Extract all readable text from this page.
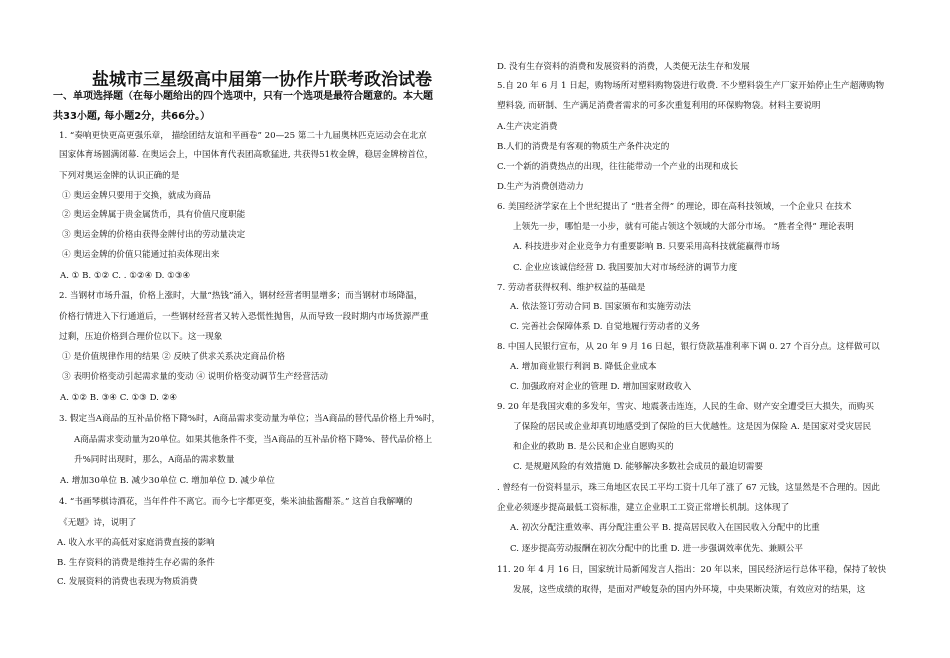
盐城市三星级高中届第一协作片联考政治试卷
一、单项选择题（在每小题给出的四个选项中，只有一个选项是最符合题意的。本大题
共33小题, 每小题2分，共66分。）
1. “奏响更快更高更强乐章， 描绘团结友谊和平画卷” 20—25 第二十九届奥林匹克运动会在北京
国家体育场圆满闭幕. 在奥运会上，中国体育代表团高歌猛进, 共获得51枚金牌，稳居金牌榜首位，
下列对奥运金牌的认识正确的是
① 奥运金牌只要用于交换，就成为商品
② 奥运金牌属于贵金属货币，具有价值尺度职能
③ 奥运金牌的价格由获得金牌付出的劳动量决定
④ 奥运金牌的价值只能通过拍卖体现出来
A. ① B. ①② C. . ①②④ D. ①③④
2. 当钢材市场升温，价格上涨时，大量“热钱”涌入，钢材经营者明显增多；而当钢材市场降温，
价格行情进入下行通道后，一些钢材经营者又转入恐慌性抛售，从而导致一段时期内市场货源严重
过剩，压迫价格到合理价位以下。这一现象
① 是价值规律作用的结果 ② 反映了供求关系决定商品价格
③ 表明价格变动引起需求量的变动 ④ 说明价格变动调节生产经营活动
A. ①② B. ③④ C. ①③ D. ②④
3. 假定当A商品的互补品价格下降%时，A商品需求变动量为单位；当A商品的替代品价格上升%时，
A商品需求变动量为20单位。如果其他条件不变，当A商品的互补品价格下降%、替代品价格上
升%同时出现时，那么，A商品的需求数量
A. 增加30单位 B. 减少30单位 C. 增加单位 D. 减少单位
4. “书画琴棋诗酒花，当年件件不离它。而今七字都更变，柴米油盐酱醋茶。” 这首自我解嘲的
《无题》诗，说明了
A. 收入水平的高低对家庭消费直接的影响
B. 生存资料的消费是维持生存必需的条件
C. 发展资料的消费也表现为物质消费
D. 没有生存资料的消费和发展资料的消费，人类便无法生存和发展
5.自 20 年 6 月 1 日起，购物场所对塑料购物袋进行收费. 不少塑料袋生产厂家开始停止生产超薄购物
塑料袋, 而研制、生产满足消费者需求的可多次重复利用的环保购物袋。材料主要说明
A.生产决定消费
B.人们的消费是有客观的物质生产条件决定的
C.一个新的消费热点的出现，往往能带动一个产业的出现和成长
D.生产为消费创造动力
6. 美国经济学家在上个世纪提出了 “胜者全得” 的理论，即在高科技领域，一个企业只 在技术
上领先一步，哪怕是一小步，就有可能占领这个领域的大部分市场。 “胜者全得” 理论表明
A. 科技进步对企业竞争力有重要影响 B. 只要采用高科技就能赢得市场
C. 企业应该诚信经营 D. 我国要加大对市场经济的调节力度
7. 劳动者获得权利、维护权益的基础是
A. 依法签订劳动合同 B. 国家颁布和实施劳动法
C. 完善社会保障体系 D. 自觉地履行劳动者的义务
8. 中国人民银行宣布，从 20 年 9 月 16 日起，银行贷款基准利率下调 0. 27 个百分点。这样做可以
A. 增加商业银行利润 B. 降低企业成本
C. 加强政府对企业的管理 D. 增加国家财政收入
9. 20 年是我国灾难的多发年，雪灾、地震袭击连连，人民的生命、财产安全遭受巨大损失，而购买
了保险的居民或企业却真切地感受到了保险的巨大优越性。这是因为保险 A. 是国家对受灾居民
和企业的救助 B. 是公民和企业自愿购买的
C. 是规避风险的有效措施 D. 能够解决多数社会成员的最迫切需要
. 曾经有一份资料显示，珠三角地区农民工平均工资十几年了涨了 67 元钱，这显然是不合理的。因此
企业必须逐步提高最低工资标准，建立企业职工工资正常增长机制。这体现了
A. 初次分配注重效率、再分配注重公平 B. 提高居民收入在国民收入分配中的比重
C. 逐步提高劳动报酬在初次分配中的比重 D. 进一步强调效率优先、兼顾公平
11. 20 年 4 月 16 日，国家统计局新闻发言人指出：20 年以来，国民经济运行总体平稳，保持了较快
发展，这些成绩的取得，是面对严峻复杂的国内外环境，中央果断决策，有效应对的结果，这
